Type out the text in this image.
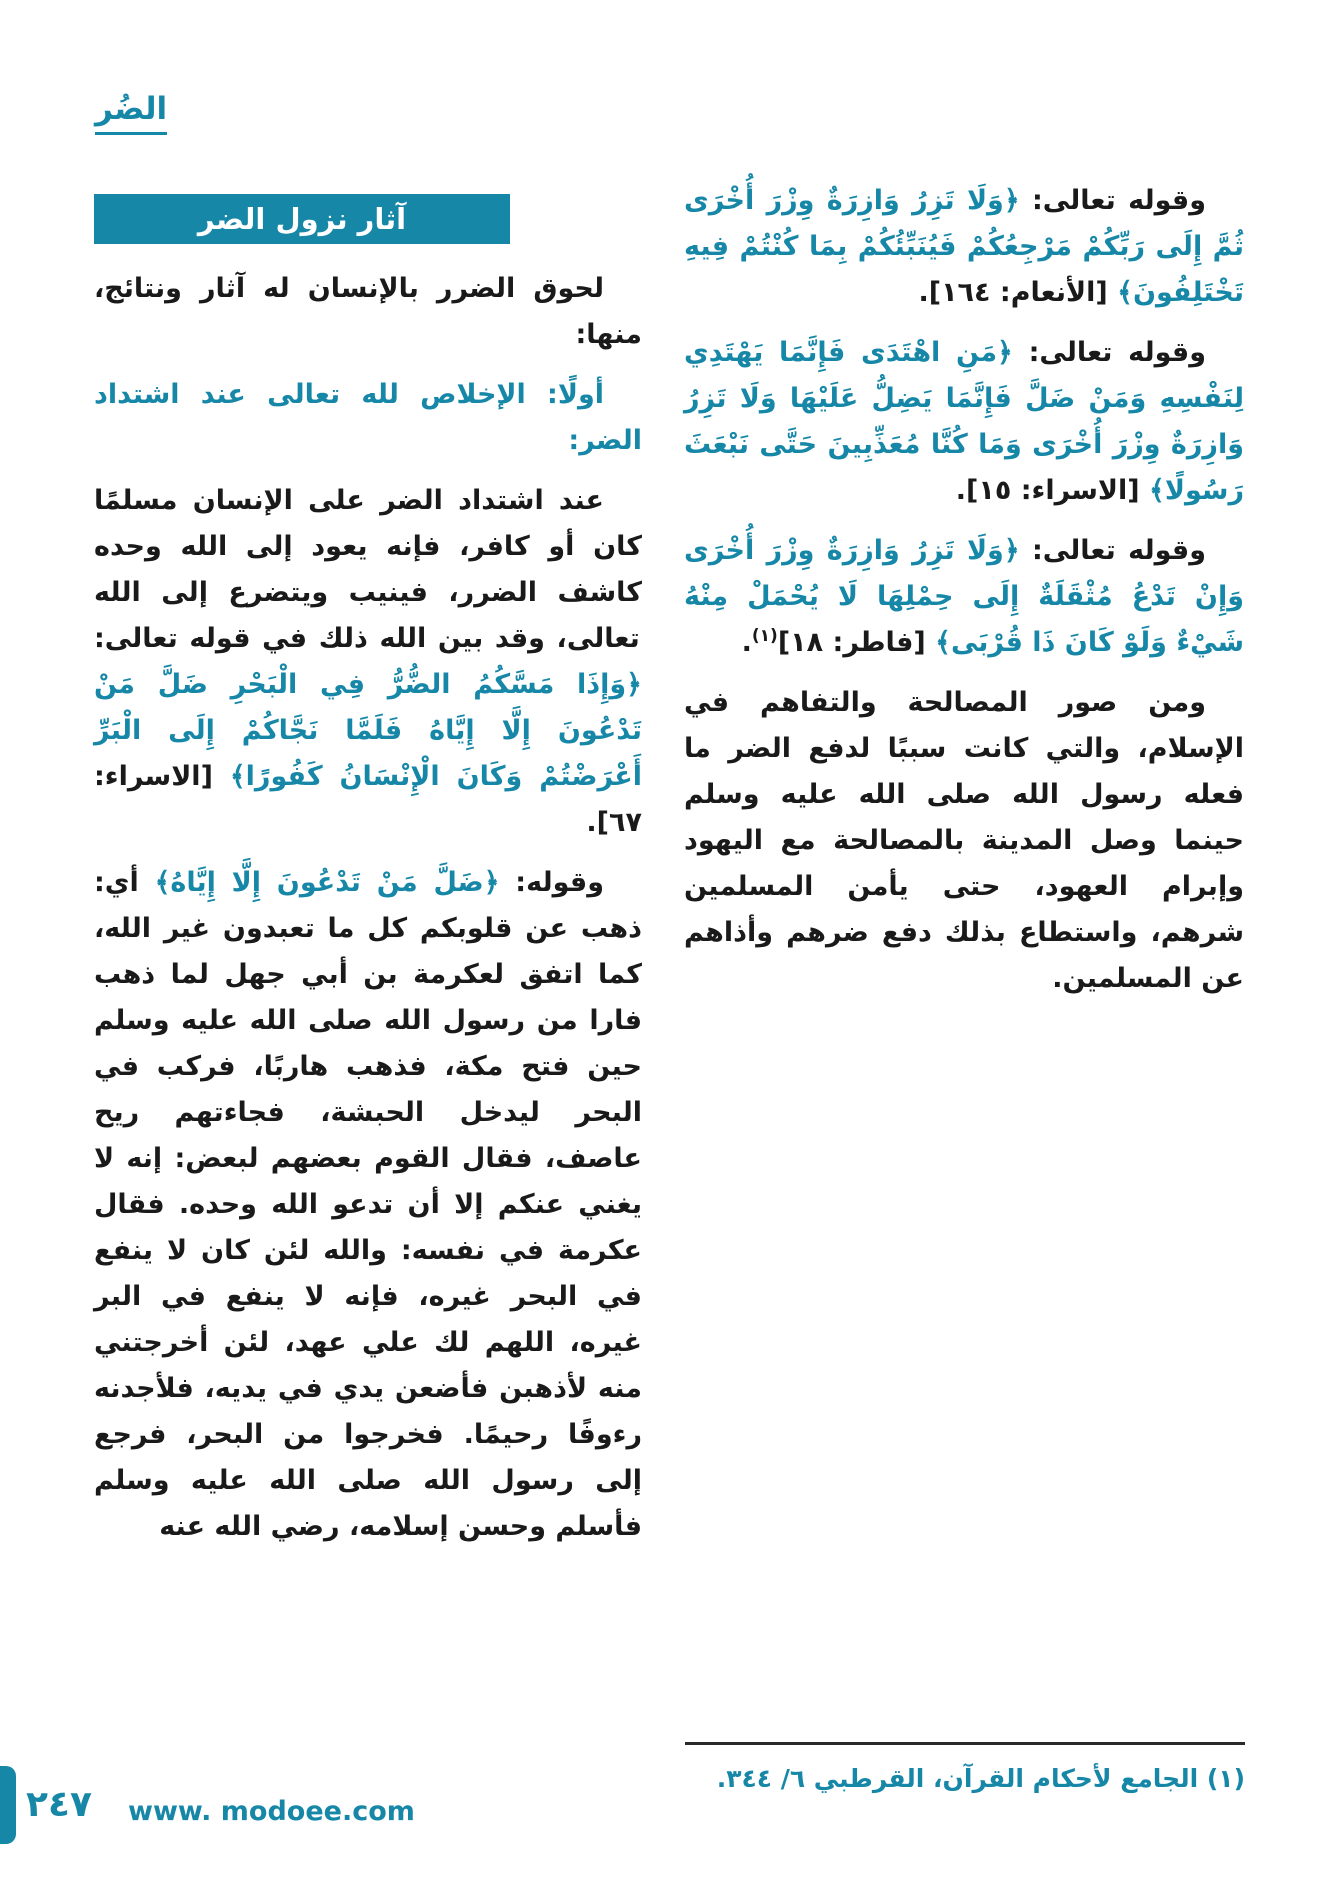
الضُر

وقوله تعالى: ﴿وَلَا تَزِرُ وَازِرَةٌ وِزْرَ أُخْرَى ثُمَّ إِلَى رَبِّكُمْ مَرْجِعُكُمْ فَيُنَبِّئُكُمْ بِمَا كُنْتُمْ فِيهِ تَخْتَلِفُونَ﴾ [الأنعام: ١٦٤].

وقوله تعالى: ﴿مَنِ اهْتَدَى فَإِنَّمَا يَهْتَدِي لِنَفْسِهِ وَمَنْ ضَلَّ فَإِنَّمَا يَضِلُّ عَلَيْهَا وَلَا تَزِرُ وَازِرَةٌ وِزْرَ أُخْرَى وَمَا كُنَّا مُعَذِّبِينَ حَتَّى نَبْعَثَ رَسُولًا﴾ [الاسراء: ١٥].

وقوله تعالى: ﴿وَلَا تَزِرُ وَازِرَةٌ وِزْرَ أُخْرَى وَإِنْ تَدْعُ مُثْقَلَةٌ إِلَى حِمْلِهَا لَا يُحْمَلْ مِنْهُ شَيْءٌ وَلَوْ كَانَ ذَا قُرْبَى﴾ [فاطر: ١٨]$^{(١)}$.

ومن صور المصالحة والتفاهم في الإسلام، والتي كانت سببًا لدفع الضر ما فعله رسول الله صلى الله عليه وسلم حينما وصل المدينة بالمصالحة مع اليهود وإبرام العهود، حتى يأمن المسلمين شرهم، واستطاع بذلك دفع ضرهم وأذاهم عن المسلمين.

آثار نزول الضر

لحوق الضرر بالإنسان له آثار ونتائج، منها:

أولًا: الإخلاص لله تعالى عند اشتداد الضر:

عند اشتداد الضر على الإنسان مسلمًا كان أو كافر، فإنه يعود إلى الله وحده كاشف الضرر، فينيب ويتضرع إلى الله تعالى، وقد بين الله ذلك في قوله تعالى: ﴿وَإِذَا مَسَّكُمُ الضُّرُّ فِي الْبَحْرِ ضَلَّ مَنْ تَدْعُونَ إِلَّا إِيَّاهُ فَلَمَّا نَجَّاكُمْ إِلَى الْبَرِّ أَعْرَضْتُمْ وَكَانَ الْإِنْسَانُ كَفُورًا﴾ [الاسراء: ٦٧].

وقوله: ﴿ضَلَّ مَنْ تَدْعُونَ إِلَّا إِيَّاهُ﴾ أي: ذهب عن قلوبكم كل ما تعبدون غير الله، كما اتفق لعكرمة بن أبي جهل لما ذهب فارا من رسول الله صلى الله عليه وسلم حين فتح مكة، فذهب هاربًا، فركب في البحر ليدخل الحبشة، فجاءتهم ريح عاصف، فقال القوم بعضهم لبعض: إنه لا يغني عنكم إلا أن تدعو الله وحده. فقال عكرمة في نفسه: والله لئن كان لا ينفع في البحر غيره، فإنه لا ينفع في البر غيره، اللهم لك علي عهد، لئن أخرجتني منه لأذهبن فأضعن يدي في يديه، فلأجدنه رءوفًا رحيمًا. فخرجوا من البحر، فرجع إلى رسول الله صلى الله عليه وسلم فأسلم وحسن إسلامه، رضي الله عنه

(١) الجامع لأحكام القرآن، القرطبي ٦/ ٣٤٤.
٢٤٧ www. modoee.com
